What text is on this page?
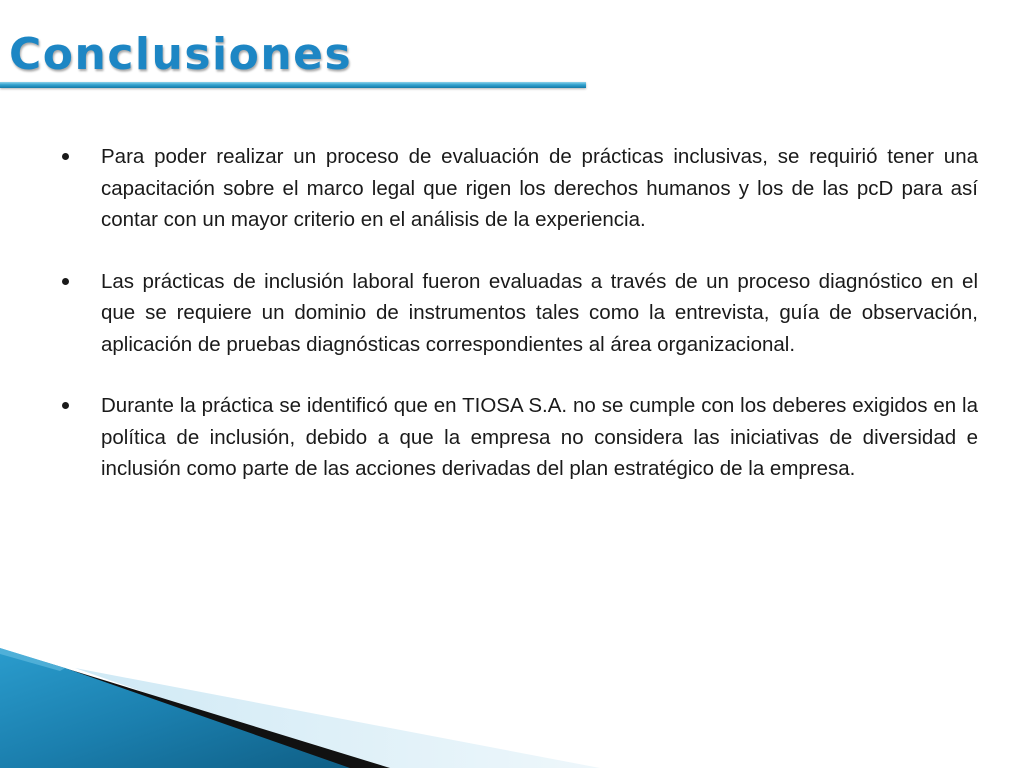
Conclusiones
Para poder realizar un proceso de evaluación de prácticas inclusivas, se requirió tener una capacitación sobre el marco legal que rigen los derechos humanos y los de las pcD para así contar con un mayor criterio en el análisis de la experiencia.
Las prácticas de inclusión laboral fueron evaluadas a través de un proceso diagnóstico en el que se requiere un dominio de instrumentos tales como la entrevista, guía de observación, aplicación de pruebas diagnósticas correspondientes al área organizacional.
Durante la práctica se identificó que en TIOSA S.A. no se cumple con los deberes exigidos en la política de inclusión, debido a que la empresa no considera las iniciativas de diversidad e inclusión como parte de las acciones derivadas del plan estratégico de la empresa.
